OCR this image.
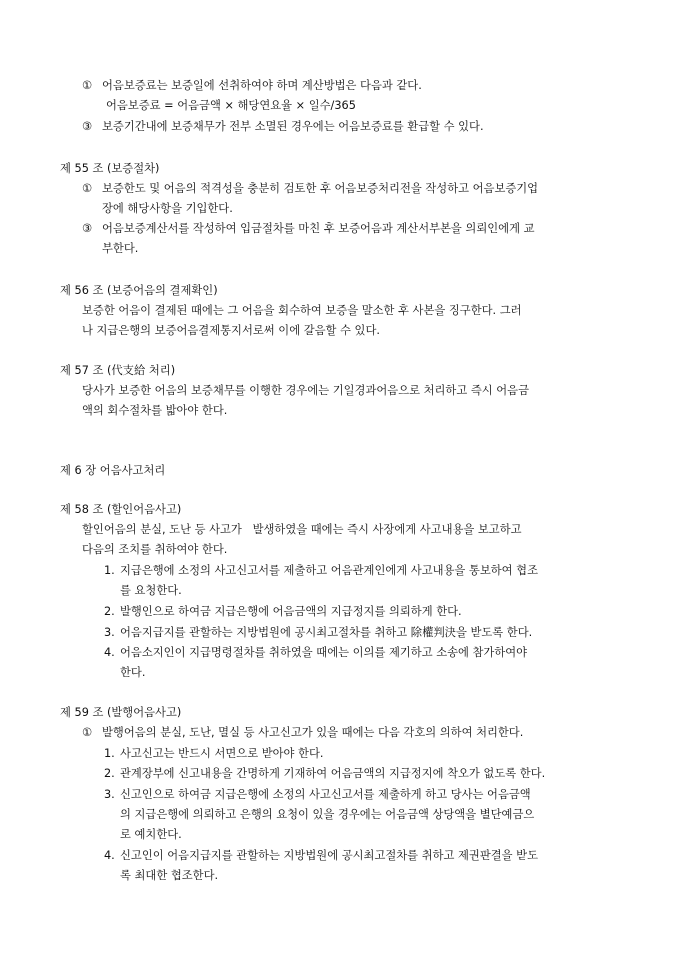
① 어음보증료는 보증일에 선취하여야 하며 계산방법은 다음과 같다.
어음보증료 = 어음금액 × 해당연요율 × 일수/365
③ 보증기간내에 보증채무가 전부 소멸된 경우에는 어음보증료를 환급할 수 있다.
제 55 조 (보증절차)
① 보증한도 및 어음의 적격성을 충분히 검토한 후 어음보증처리전을 작성하고 어음보증기업
장에 해당사항을 기입한다.
③ 어음보증계산서를 작성하여 입금절차를 마친 후 보증어음과 계산서부본을 의뢰인에게 교
부한다.
제 56 조 (보증어음의 결제확인)
보증한 어음이 결제된 때에는 그 어음을 회수하여 보증을 말소한 후 사본을 징구한다. 그러
나 지급은행의 보증어음결제통지서로써 이에 갈음할 수 있다.
제 57 조 (代支給 처리)
당사가 보증한 어음의 보증채무를 이행한 경우에는 기일경과어음으로 처리하고 즉시 어음금
액의 회수절차를 밟아야 한다.
제 6 장 어음사고처리
제 58 조 (할인어음사고)
할인어음의 분실, 도난 등 사고가   발생하였을 때에는 즉시 사장에게 사고내용을 보고하고
다음의 조치를 취하여야 한다.
1. 지급은행에 소정의 사고신고서를 제출하고 어음관계인에게 사고내용을 통보하여 협조
를 요청한다.
2. 발행인으로 하여금 지급은행에 어음금액의 지급정지를 의뢰하게 한다.
3. 어음지급지를 관할하는 지방법원에 공시최고절차를 취하고 除權判決을 받도록 한다.
4. 어음소지인이 지급명령절차를 취하였을 때에는 이의를 제기하고 소송에 참가하여야
한다.
제 59 조 (발행어음사고)
① 발행어음의 분실, 도난, 멸실 등 사고신고가 있을 때에는 다음 각호의 의하여 처리한다.
1. 사고신고는 반드시 서면으로 받아야 한다.
2. 관계장부에 신고내용을 간명하게 기재하여 어음금액의 지급정지에 착오가 없도록 한다.
3. 신고인으로 하여금 지급은행에 소정의 사고신고서를 제출하게 하고 당사는 어음금액
의 지급은행에 의뢰하고 은행의 요청이 있을 경우에는 어음금액 상당액을 별단예금으
로 예치한다.
4. 신고인이 어음지급지를 관할하는 지방법원에 공시최고절차를 취하고 제권판결을 받도
록 최대한 협조한다.
